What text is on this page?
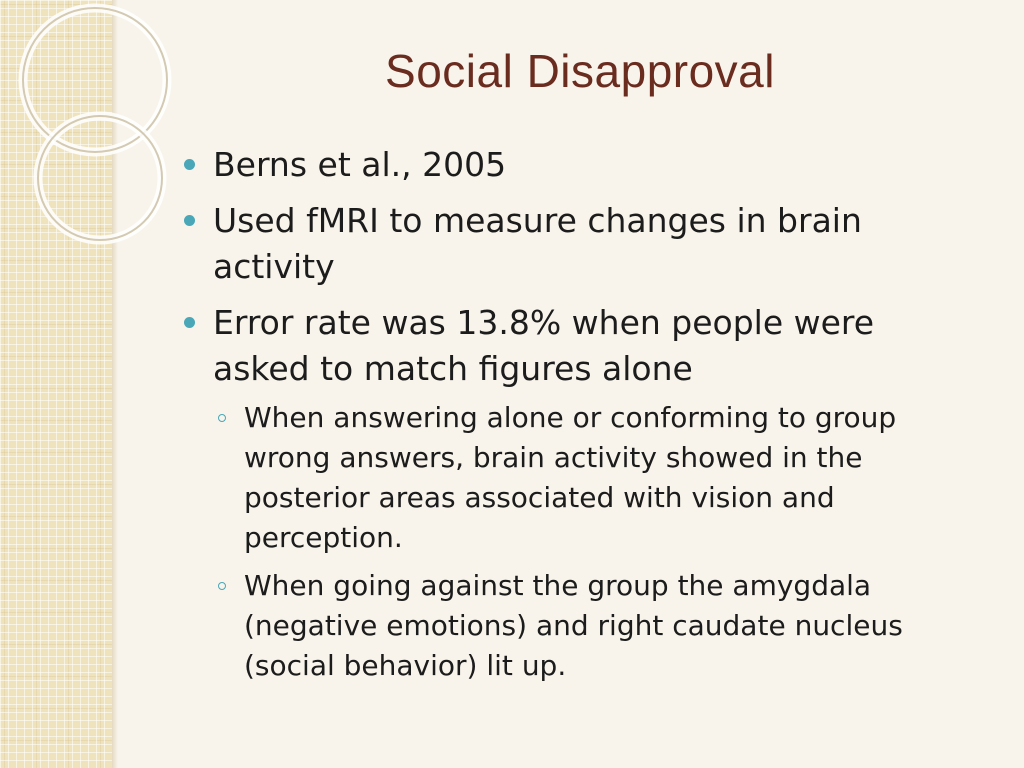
Social Disapproval
Berns et al., 2005
Used fMRI to measure changes in brain activity
Error rate was 13.8% when people were asked to match figures alone
When answering alone or conforming to group wrong answers, brain activity showed in the posterior areas associated with vision and perception.
When going against the group the amygdala (negative emotions) and right caudate nucleus (social behavior) lit up.
